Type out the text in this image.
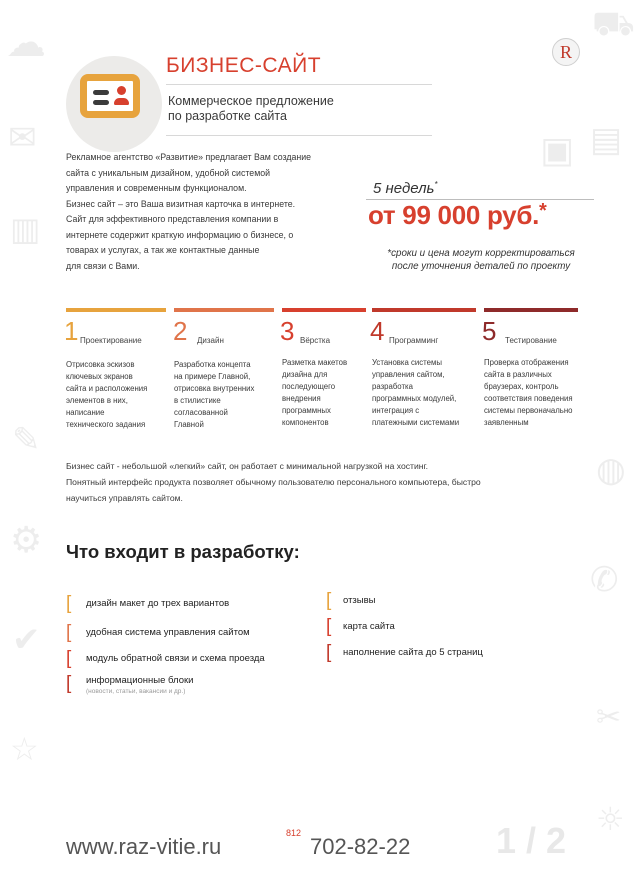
☁
✉
▥
✎
⚙
✔
☆
⛟
▤
▣
◍
✆
✂
☼
БИЗНЕС-САЙТ
Коммерческое предложение
по разработке сайта
R
Рекламное агентство «Развитие» предлагает Вам создание
сайта с уникальным дизайном, удобной системой
управления и современным функционалом.
Бизнес сайт – это Ваша визитная карточка в интернете.
Сайт для эффективного представления компании в
интернете содержит краткую информацию о бизнесе, о
товарах и услугах, а так же контактные данные
для связи с Вами.
5 недель*
от 99 000 руб.*
*сроки и цена могут корректироваться
после уточнения деталей по проекту
1 Проектирование 2 Дизайн 3 Вёрстка 4 Программинг 5 Тестирование
Отрисовка эскизов
ключевых экранов
сайта и расположения
элементов в них,
написание
технического задания
Разработка концепта
на примере Главной,
отрисовка внутренних
в стилистике
согласованной
Главной
Разметка макетов
дизайна для
последующего
внедрения
программных
компонентов
Установка системы
управления сайтом,
разработка
программных модулей,
интеграция с
платежными системами
Проверка отображения
сайта в различных
браузерах, контроль
соответствия поведения
системы первоначально
заявленным
Бизнес сайт - небольшой «легкий» сайт, он работает с минимальной нагрузкой на хостинг.
Понятный интерфейс продукта позволяет обычному пользователю персонального компьютера, быстро
научиться управлять сайтом.
Что входит в разработку:
[ дизайн макет до трех вариантов
[ удобная система управления сайтом
[ модуль обратной связи и схема проезда
[ информационные блоки
(новости, статьи, вакансии и др.)
[ отзывы
[ карта сайта
[ наполнение сайта до 5 страниц
www.raz-vitie.ru
812
702-82-22 1 / 2
